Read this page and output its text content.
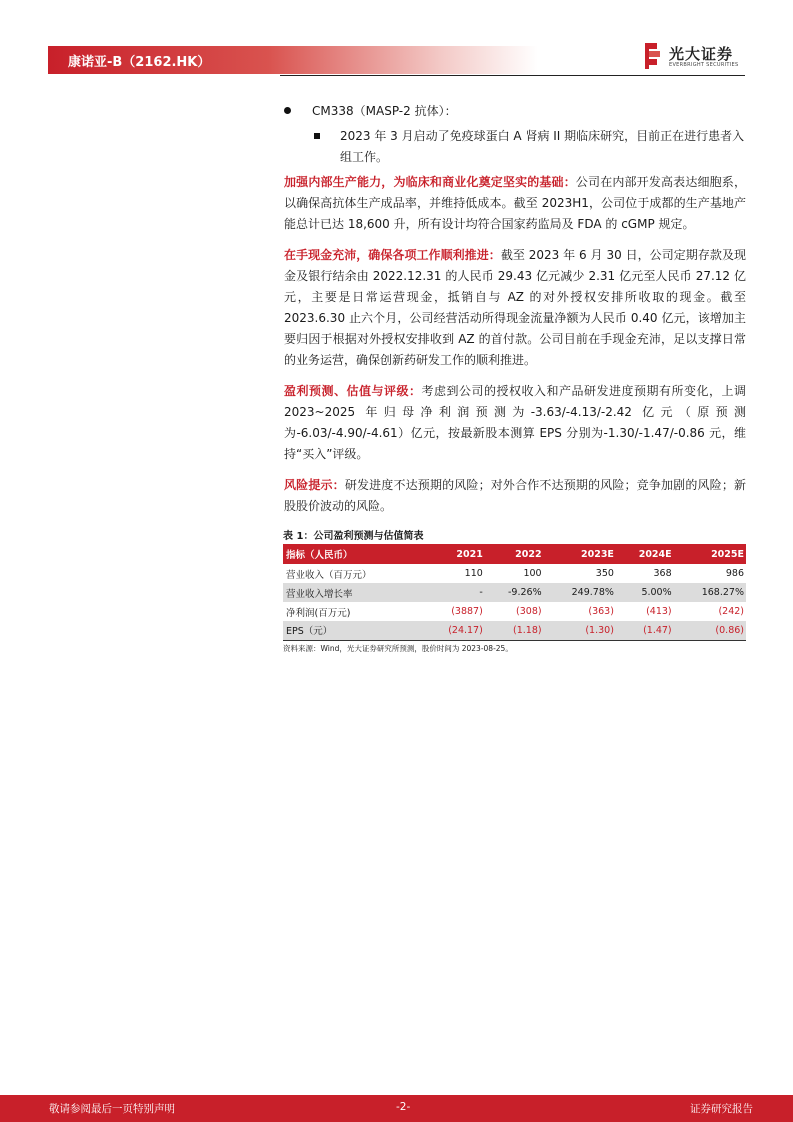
康诺亚-B（2162.HK）	光大证券
EVERBRIGHT SECURITIES
CM338（MASP-2 抗体）：
2023 年 3 月启动了免疫球蛋白 A 肾病 II 期临床研究，目前正在进行患者入组工作。

加强内部生产能力，为临床和商业化奠定坚实的基础：公司在内部开发高表达细胞系，以确保高抗体生产成品率，并维持低成本。截至 2023H1，公司位于成都的生产基地产能总计已达 18,600 升，所有设计均符合国家药监局及 FDA 的 cGMP 规定。

在手现金充沛，确保各项工作顺利推进：截至 2023 年 6 月 30 日，公司定期存款及现金及银行结余由 2022.12.31 的人民币 29.43 亿元减少 2.31 亿元至人民币 27.12 亿元，主要是日常运营现金，抵销自与 AZ 的对外授权安排所收取的现金。截至 2023.6.30 止六个月，公司经营活动所得现金流量净额为人民币 0.40 亿元，该增加主要归因于根据对外授权安排收到 AZ 的首付款。公司目前在手现金充沛，足以支撑日常的业务运营，确保创新药研发工作的顺利推进。

盈利预测、估值与评级：考虑到公司的授权收入和产品研发进度预期有所变化，上调 2023~2025 年归母净利润预测为-3.63/-4.13/-2.42 亿元（原预测为-6.03/-4.90/-4.61）亿元，按最新股本测算 EPS 分别为-1.30/-1.47/-0.86 元，维持“买入”评级。

风险提示：研发进度不达预期的风险；对外合作不达预期的风险；竞争加剧的风险；新股股价波动的风险。

表 1：公司盈利预测与估值简表
指标（人民币）	2021	2022	2023E	2024E	2025E
营业收入（百万元）	110	100	350	368	986
营业收入增长率	-	-9.26%	249.78%	5.00%	168.27%
净利润(百万元)	(3887)	(308)	(363)	(413)	(242)
EPS（元）	(24.17)	(1.18)	(1.30)	(1.47)	(0.86)
资料来源：Wind，光大证券研究所预测，股价时间为 2023-08-25。
敬请参阅最后一页特别声明	-2-	证券研究报告
